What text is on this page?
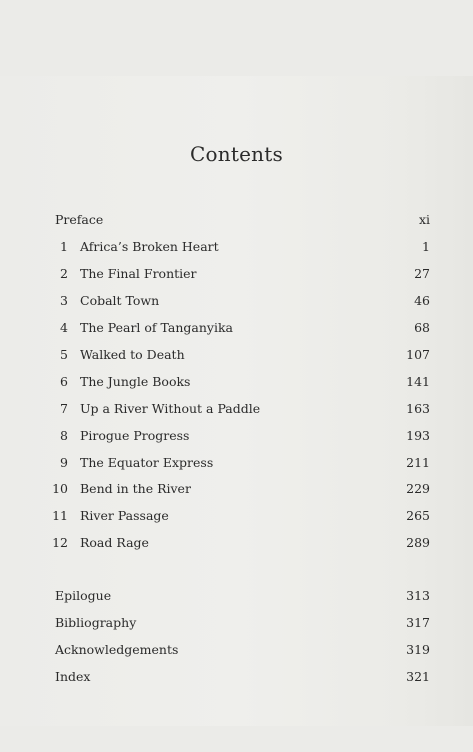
Contents
Preface	xi
1 Africa’s Broken Heart	1
2 The Final Frontier	27
3 Cobalt Town	46
4 The Pearl of Tanganyika	68
5 Walked to Death	107
6 The Jungle Books	141
7 Up a River Without a Paddle	163
8 Pirogue Progress	193
9 The Equator Express	211
10 Bend in the River	229
11 River Passage	265
12 Road Rage	289
Epilogue	313
Bibliography	317
Acknowledgements	319
Index	321
